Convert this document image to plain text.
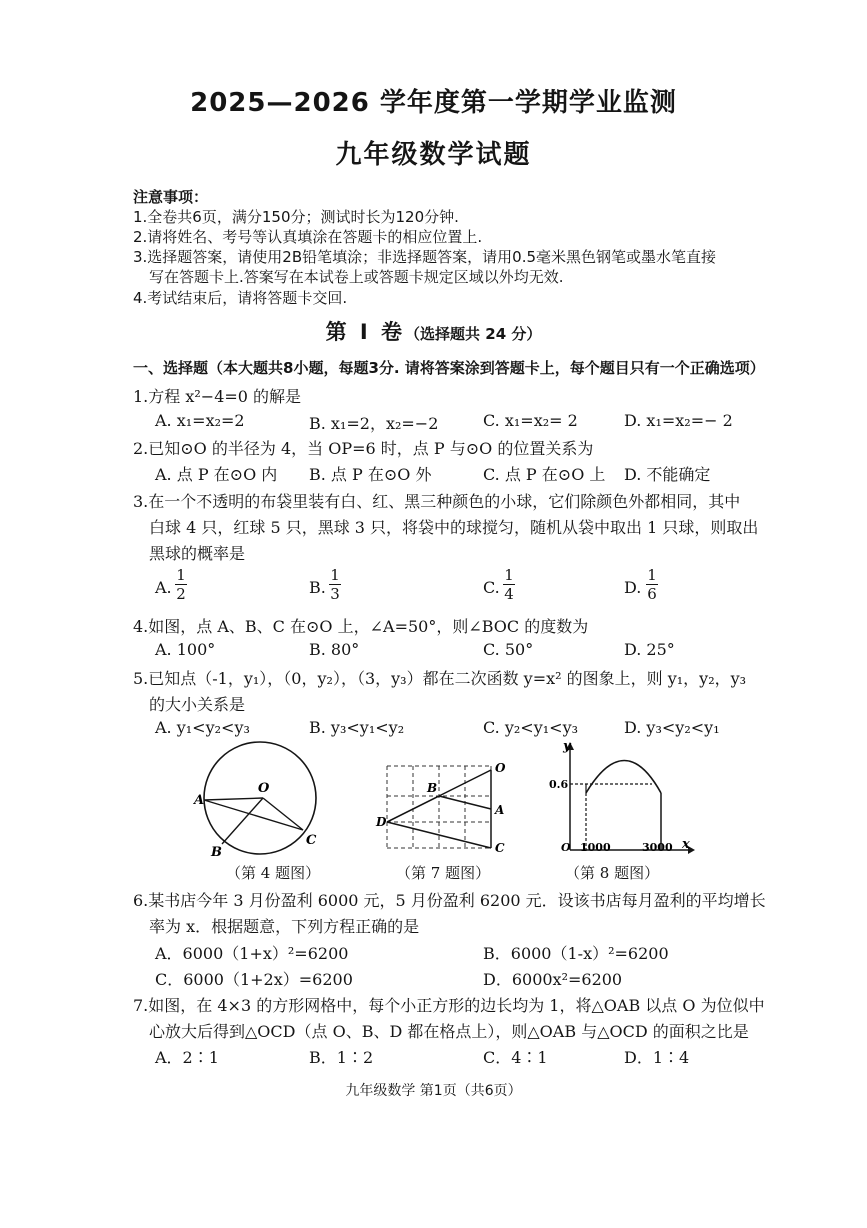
2025—2026 学年度第一学期学业监测
九年级数学试题
注意事项：
1.全卷共6页，满分150分；测试时长为120分钟.
2.请将姓名、考号等认真填涂在答题卡的相应位置上.
3.选择题答案，请使用2B铅笔填涂；非选择题答案，请用0.5毫米黑色钢笔或墨水笔直接
写在答题卡上.答案写在本试卷上或答题卡规定区域以外均无效.
4.考试结束后，请将答题卡交回.
第 I 卷（选择题共 24 分）
一、选择题（本大题共8小题，每题3分. 请将答案涂到答题卡上，每个题目只有一个正确选项）
1.方程 x²−4=0 的解是
A. x₁=x₂=2	B. x₁=2，x₂=−2	C. x₁=x₂= 2	D. x₁=x₂=− 2
2.已知⊙O 的半径为 4，当 OP=6 时，点 P 与⊙O 的位置关系为
A. 点 P 在⊙O 内 B. 点 P 在⊙O 外	C. 点 P 在⊙O 上 D. 不能确定
3.在一个不透明的布袋里装有白、红、黑三种颜色的小球，它们除颜色外都相同，其中
白球 4 只，红球 5 只，黑球 3 只，将袋中的球搅匀，随机从袋中取出 1 只球，则取出
黑球的概率是
A.
1
2	B.
1
3	C.
1
4	D.
1
6
4.如图，点 A、B、C 在⊙O 上，∠A=50°，则∠BOC 的度数为
A. 100°	B. 80°	C. 50°	D. 25°
5.已知点（-1，y₁），（0，y₂），（3，y₃）都在二次函数 y=x² 的图象上，则 y₁，y₂，y₃
的大小关系是
A. y₁<y₂<y₃	B. y₃<y₁<y₂	C. y₂<y₁<y₃	D. y₃<y₂<y₁
A
O
B
C
（第 4 题图）
O
B
A
D
C
（第 7 题图）
y
0.6
O 1000	3000 x
（第 8 题图）
6.某书店今年 3 月份盈利 6000 元，5 月份盈利 6200 元．设该书店每月盈利的平均增长
率为 x．根据题意，下列方程正确的是
A．6000（1+x）²=6200	B．6000（1-x）²=6200
C．6000（1+2x）=6200	D．6000x²=6200
7.如图，在 4×3 的方形网格中，每个小正方形的边长均为 1，将△OAB 以点 O 为位似中
心放大后得到△OCD（点 O、B、D 都在格点上），则△OAB 与△OCD 的面积之比是
A．2∶1	B．1∶2	C．4∶1	D．1∶4
九年级数学 第1页（共6页）
